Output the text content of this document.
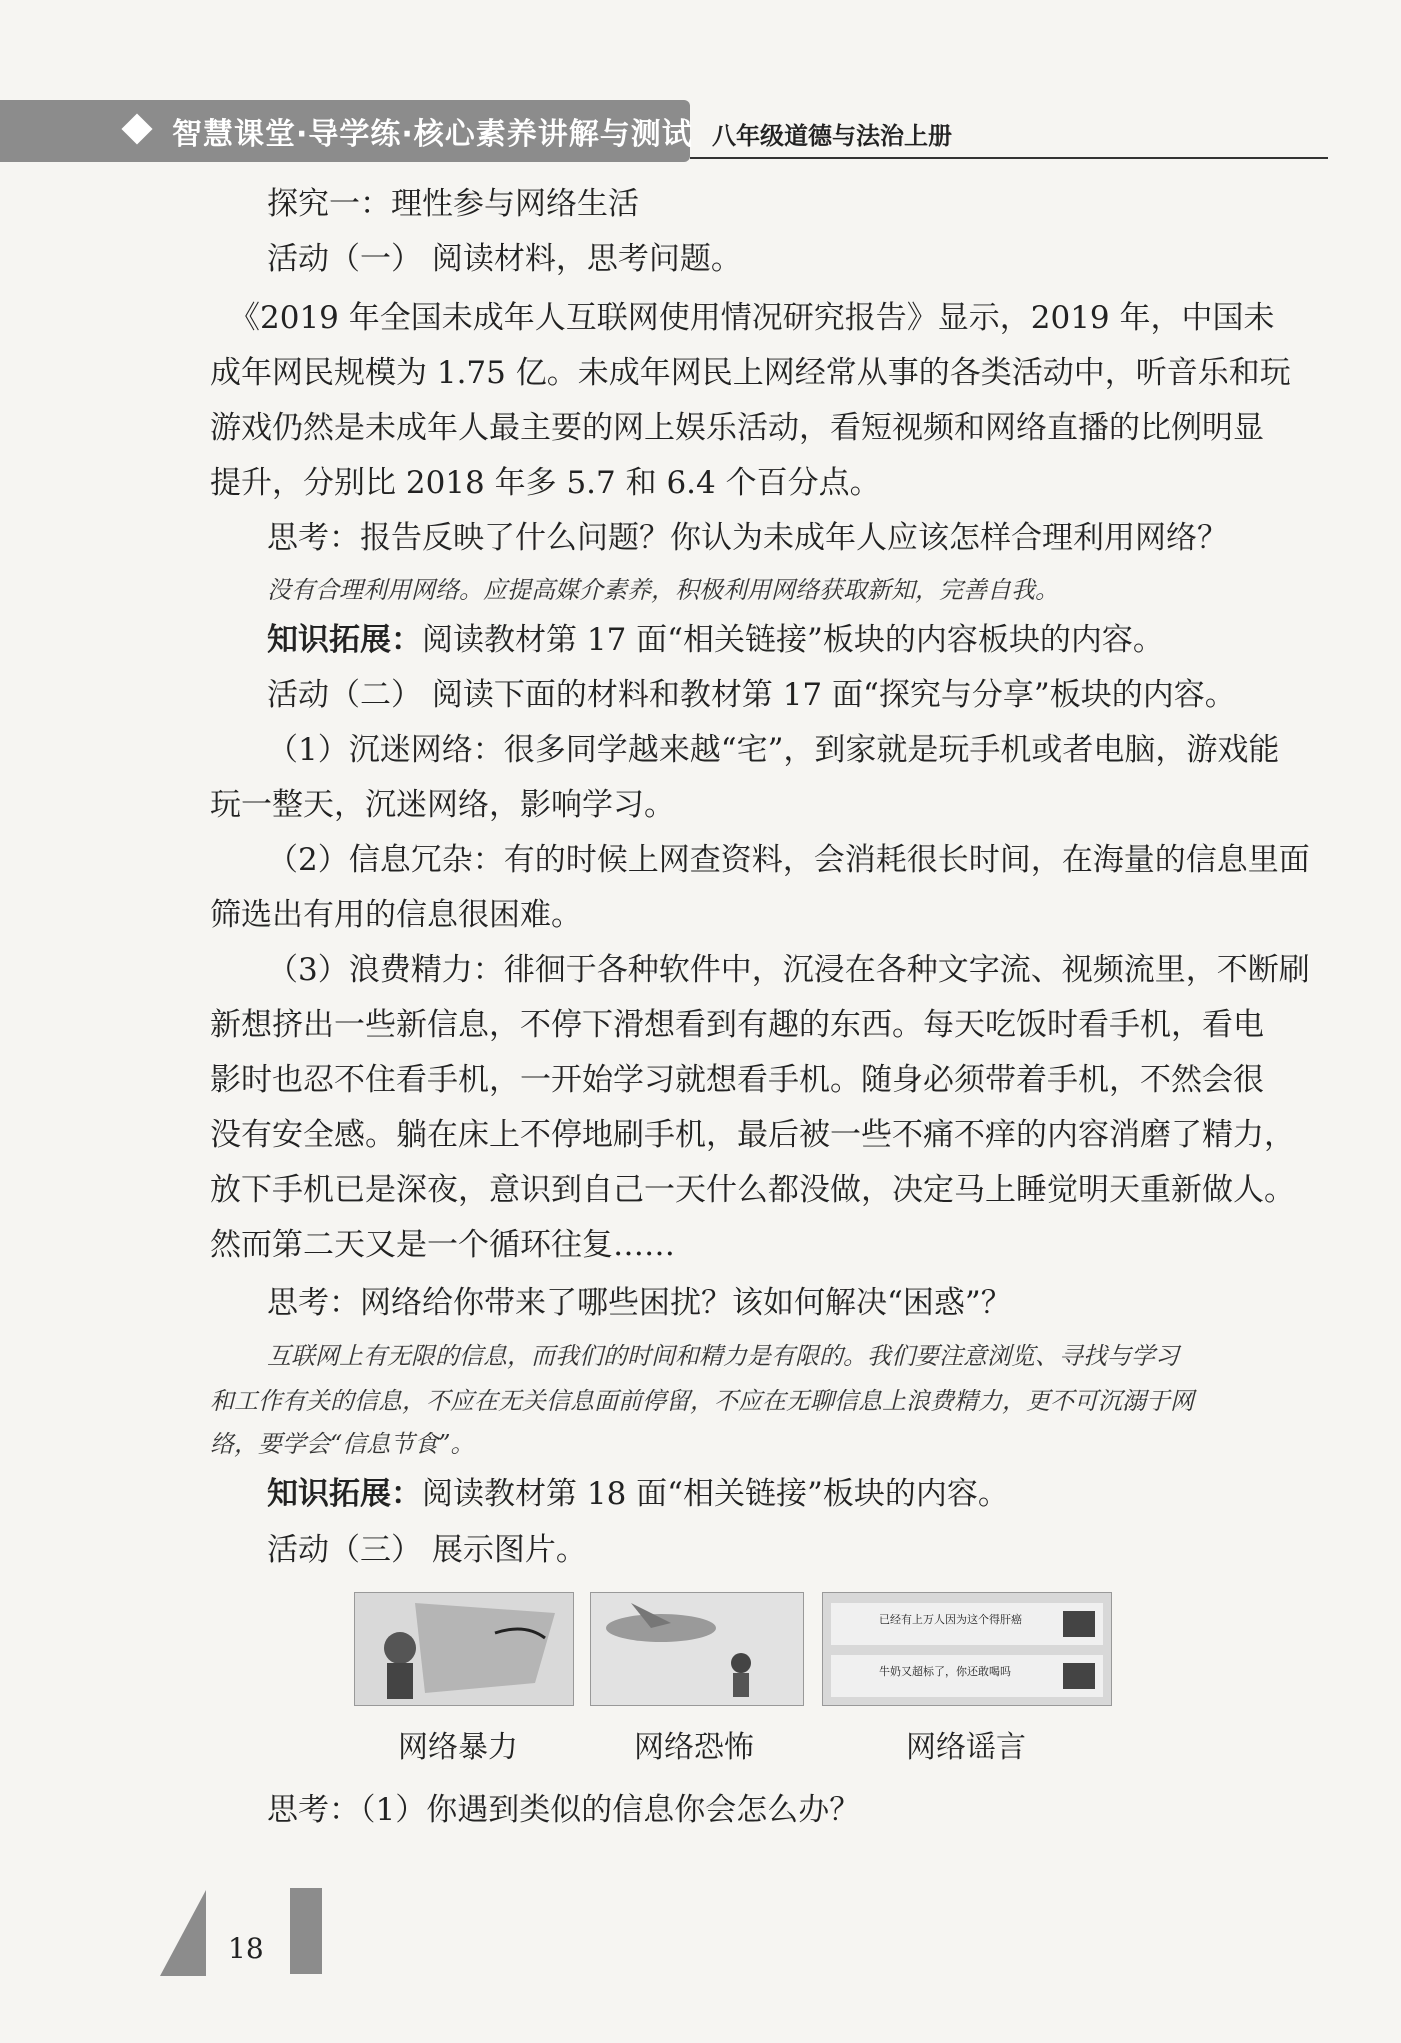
智慧课堂·导学练·核心素养讲解与测试 八年级道德与法治上册
探究一：理性参与网络生活
活动（一） 阅读材料，思考问题。
《2019 年全国未成年人互联网使用情况研究报告》显示，2019 年，中国未
成年网民规模为 1.75 亿。未成年网民上网经常从事的各类活动中，听音乐和玩
游戏仍然是未成年人最主要的网上娱乐活动，看短视频和网络直播的比例明显
提升，分别比 2018 年多 5.7 和 6.4 个百分点。
思考：报告反映了什么问题？你认为未成年人应该怎样合理利用网络？
没有合理利用网络。应提高媒介素养，积极利用网络获取新知，完善自我。
知识拓展：阅读教材第 17 面“相关链接”板块的内容板块的内容。
活动（二） 阅读下面的材料和教材第 17 面“探究与分享”板块的内容。
（1）沉迷网络：很多同学越来越“宅”，到家就是玩手机或者电脑，游戏能
玩一整天，沉迷网络，影响学习。
（2）信息冗杂：有的时候上网查资料，会消耗很长时间，在海量的信息里面
筛选出有用的信息很困难。
（3）浪费精力：徘徊于各种软件中，沉浸在各种文字流、视频流里，不断刷
新想挤出一些新信息，不停下滑想看到有趣的东西。每天吃饭时看手机，看电
影时也忍不住看手机，一开始学习就想看手机。随身必须带着手机，不然会很
没有安全感。躺在床上不停地刷手机，最后被一些不痛不痒的内容消磨了精力，
放下手机已是深夜，意识到自己一天什么都没做，决定马上睡觉明天重新做人。
然而第二天又是一个循环往复……
思考：网络给你带来了哪些困扰？该如何解决“困惑”？
互联网上有无限的信息，而我们的时间和精力是有限的。我们要注意浏览、寻找与学习
和工作有关的信息，不应在无关信息面前停留，不应在无聊信息上浪费精力，更不可沉溺于网
络，要学会“信息节食”。
知识拓展：阅读教材第 18 面“相关链接”板块的内容。
活动（三） 展示图片。
已经有上万人因为这个得肝癌
牛奶又超标了，你还敢喝吗
网络暴力	网络恐怖	网络谣言
思考：（1）你遇到类似的信息你会怎么办？
18
